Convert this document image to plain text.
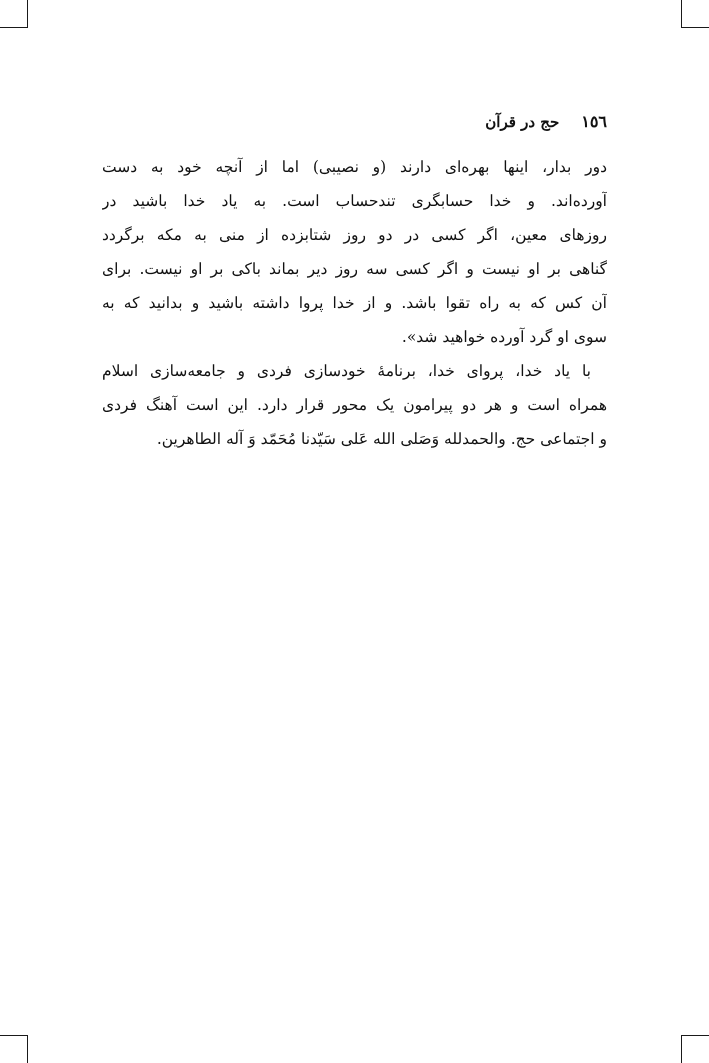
١٥٦
حج در قرآن
دور بدار، اینها بهره‌ای دارند (و نصیبی) اما از آنچه خود به دست
آورده‌اند. و خدا حسابگری تندحساب است. به یاد خدا باشید در
روزهای معین، اگر کسی در دو روز شتابزده از منی به مکه برگردد
گناهی بر او نیست و اگر کسی سه روز دیر بماند باکی بر او نیست. برای
آن کس که به راه تقوا باشد. و از خدا پروا داشته باشید و بدانید که به
سوی او گرد آورده خواهید شد».
با یاد خدا، پروای خدا، برنامهٔ خودسازی فردی و جامعه‌سازی اسلام
همراه است و هر دو پیرامون یک محور قرار دارد. این است آهنگ فردی
و اجتماعی حج. والحمدلله وَصَلی الله عَلی سَیّدنا مُحَمّد وَ آله الطاهرین.
